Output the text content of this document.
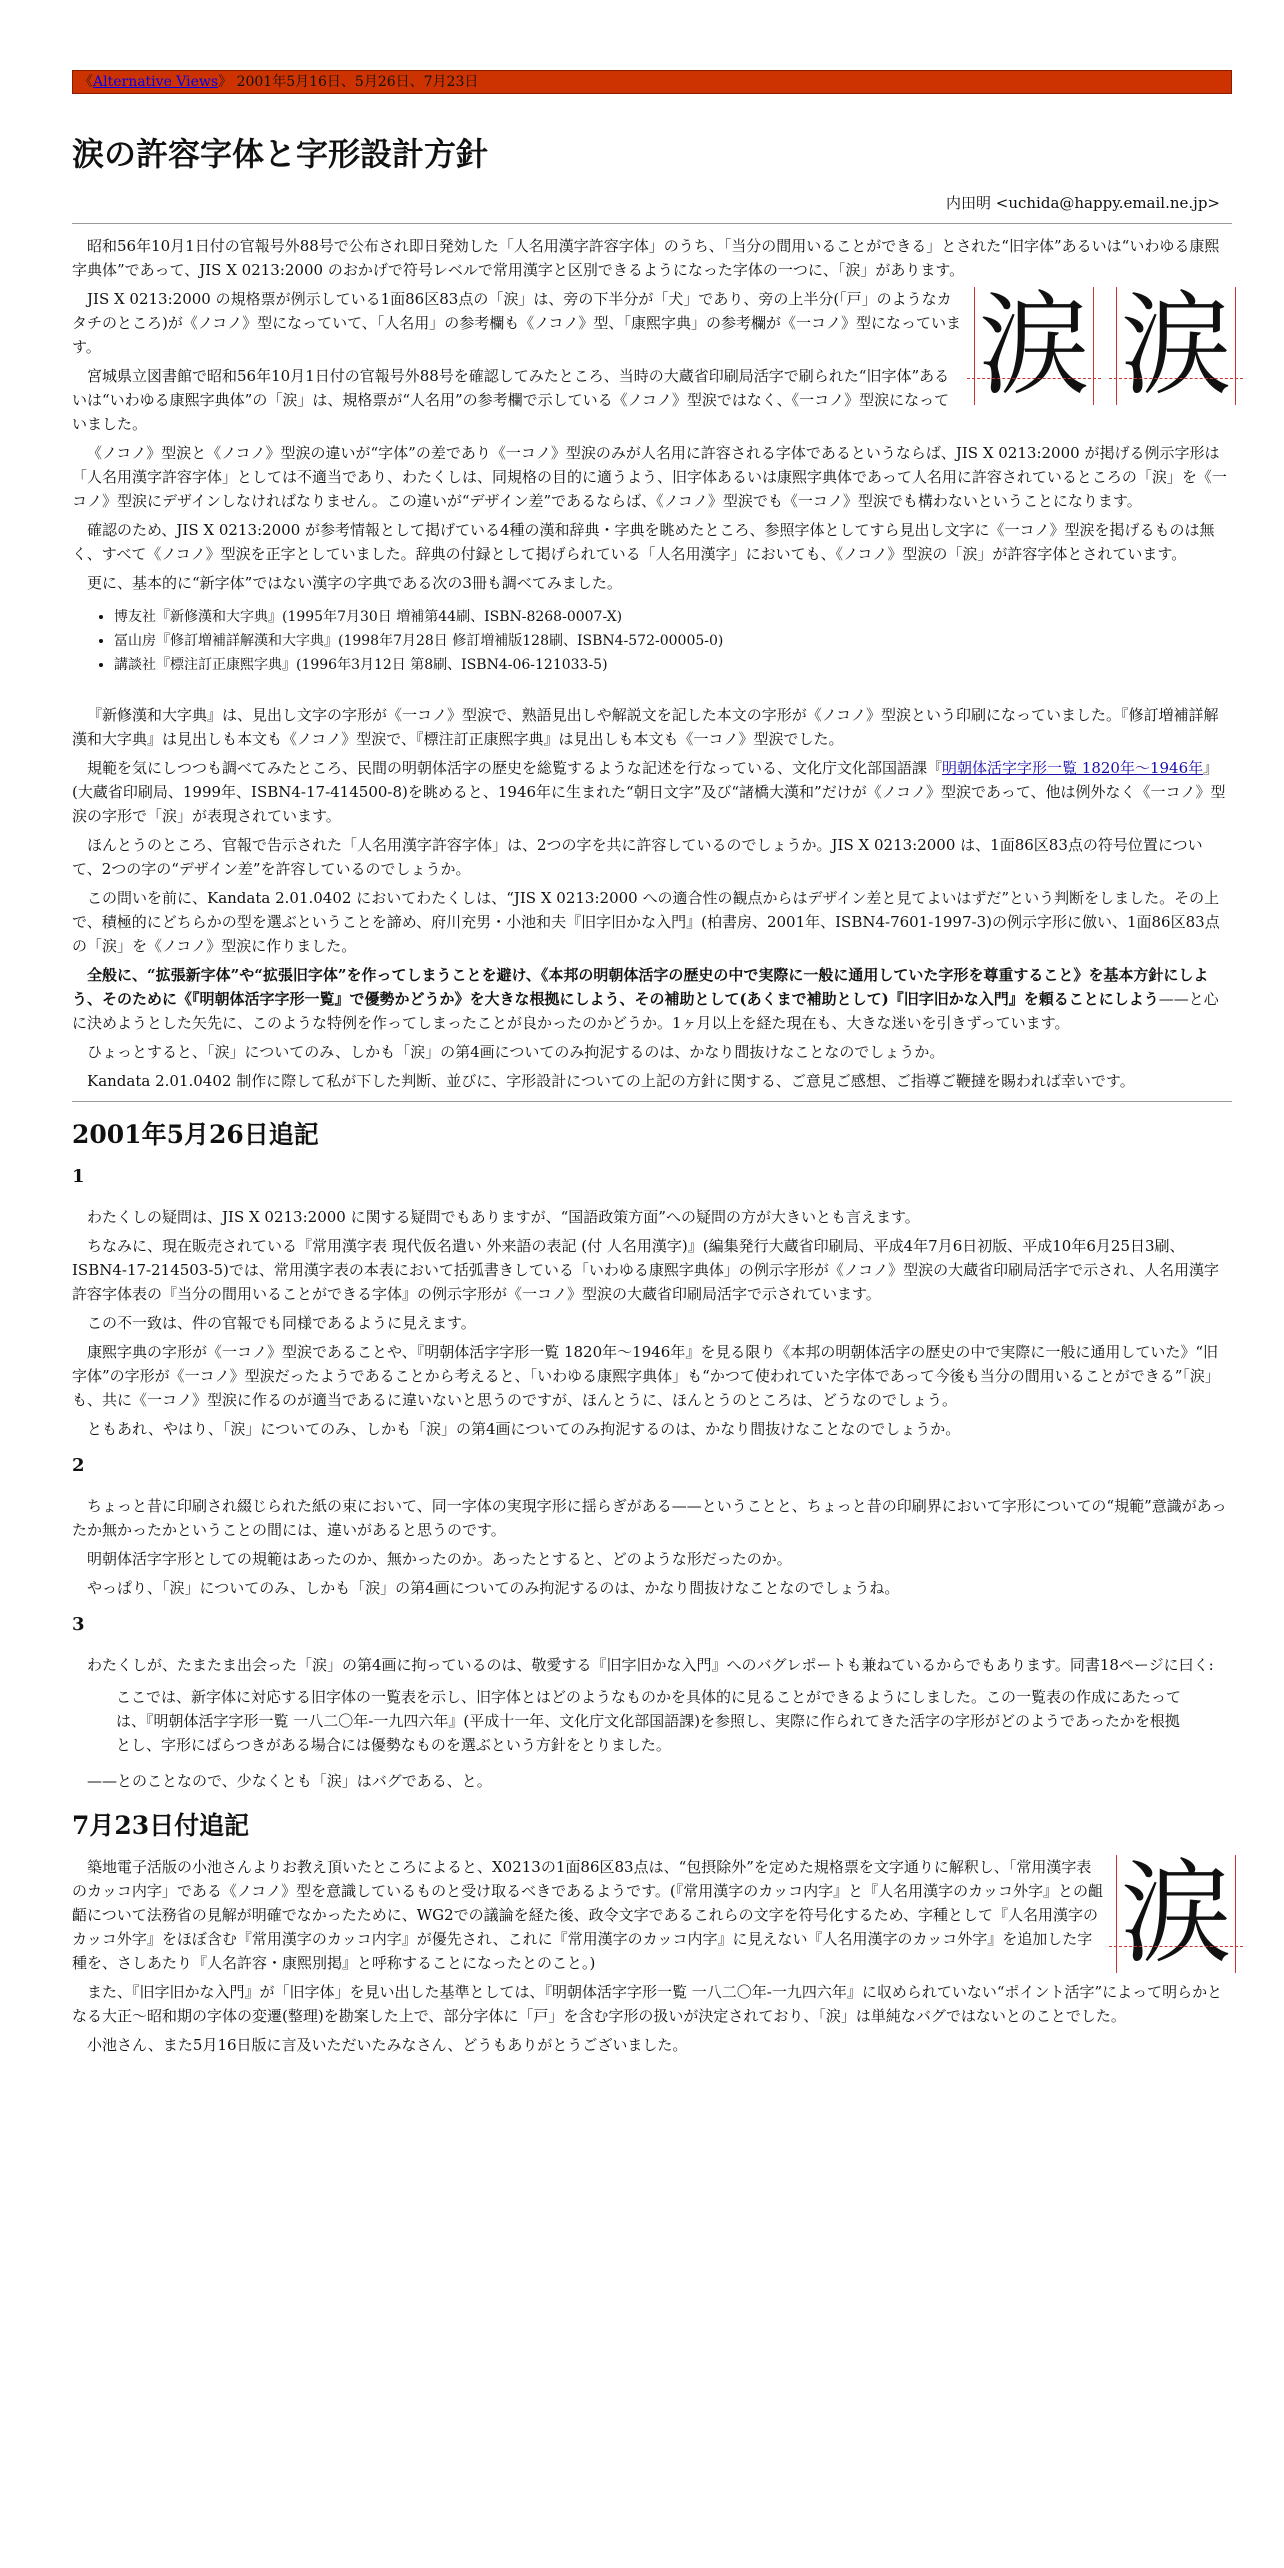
《Alternative Views》 2001年5月16日、5月26日、7月23日
涙の許容字体と字形設計方針
内田明 <uchida@happy.email.ne.jp>

昭和56年10月1日付の官報号外88号で公布され即日発効した「人名用漢字許容字体」のうち、「当分の間用いることができる」とされた“旧字体”あるいは“いわゆる康熙字典体”であって、JIS X 0213:2000 のおかげで符号レベルで常用漢字と区別できるようになった字体の一つに、「涙」があります。

涙 涙

JIS X 0213:2000 の規格票が例示している1面86区83点の「涙」は、旁の下半分が「犬」であり、旁の上半分(「戸」のようなカタチのところ)が《ノコノ》型になっていて、「人名用」の参考欄も《ノコノ》型、「康熙字典」の参考欄が《一コノ》型になっています。

宮城県立図書館で昭和56年10月1日付の官報号外88号を確認してみたところ、当時の大蔵省印刷局活字で刷られた“旧字体”あるいは“いわゆる康熙字典体”の「涙」は、規格票が“人名用”の参考欄で示している《ノコノ》型涙ではなく、《一コノ》型涙になっていました。

《ノコノ》型涙と《ノコノ》型涙の違いが“字体”の差であり《一コノ》型涙のみが人名用に許容される字体であるというならば、JIS X 0213:2000 が掲げる例示字形は「人名用漢字許容字体」としては不適当であり、わたくしは、同規格の目的に適うよう、旧字体あるいは康熙字典体であって人名用に許容されているところの「涙」を《一コノ》型涙にデザインしなければなりません。この違いが“デザイン差”であるならば、《ノコノ》型涙でも《一コノ》型涙でも構わないということになります。

確認のため、JIS X 0213:2000 が参考情報として掲げている4種の漢和辞典・字典を眺めたところ、参照字体としてすら見出し文字に《一コノ》型涙を掲げるものは無く、すべて《ノコノ》型涙を正字としていました。辞典の付録として掲げられている「人名用漢字」においても、《ノコノ》型涙の「涙」が許容字体とされています。

更に、基本的に“新字体”ではない漢字の字典である次の3冊も調べてみました。

• 博友社『新修漢和大字典』(1995年7月30日 増補第44刷、ISBN-8268-0007-X)
• 冨山房『修訂増補詳解漢和大字典』(1998年7月28日 修訂増補版128刷、ISBN4-572-00005-0)
• 講談社『標注訂正康熙字典』(1996年3月12日 第8刷、ISBN4-06-121033-5)

『新修漢和大字典』は、見出し文字の字形が《一コノ》型涙で、熟語見出しや解説文を記した本文の字形が《ノコノ》型涙という印刷になっていました。『修訂増補詳解漢和大字典』は見出しも本文も《ノコノ》型涙で、『標注訂正康熙字典』は見出しも本文も《一コノ》型涙でした。

規範を気にしつつも調べてみたところ、民間の明朝体活字の歴史を総覧するような記述を行なっている、文化庁文化部国語課『明朝体活字字形一覧 1820年～1946年』(大蔵省印刷局、1999年、ISBN4-17-414500-8)を眺めると、1946年に生まれた“朝日文字”及び“諸橋大漢和”だけが《ノコノ》型涙であって、他は例外なく《一コノ》型涙の字形で「涙」が表現されています。

ほんとうのところ、官報で告示された「人名用漢字許容字体」は、2つの字を共に許容しているのでしょうか。JIS X 0213:2000 は、1面86区83点の符号位置について、2つの字の“デザイン差”を許容しているのでしょうか。

この問いを前に、Kandata 2.01.0402 においてわたくしは、“JIS X 0213:2000 への適合性の観点からはデザイン差と見てよいはずだ”という判断をしました。その上で、積極的にどちらかの型を選ぶということを諦め、府川充男・小池和夫『旧字旧かな入門』(柏書房、2001年、ISBN4-7601-1997-3)の例示字形に倣い、1面86区83点の「涙」を《ノコノ》型涙に作りました。

全般に、“拡張新字体”や“拡張旧字体”を作ってしまうことを避け、《本邦の明朝体活字の歴史の中で実際に一般に通用していた字形を尊重すること》を基本方針にしよう、そのために《『明朝体活字字形一覧』で優勢かどうか》を大きな根拠にしよう、その補助として(あくまで補助として)『旧字旧かな入門』を頼ることにしよう——と心に決めようとした矢先に、このような特例を作ってしまったことが良かったのかどうか。1ヶ月以上を経た現在も、大きな迷いを引きずっています。

ひょっとすると、「涙」についてのみ、しかも「涙」の第4画についてのみ拘泥するのは、かなり間抜けなことなのでしょうか。

Kandata 2.01.0402 制作に際して私が下した判断、並びに、字形設計についての上記の方針に関する、ご意見ご感想、ご指導ご鞭撻を賜われば幸いです。

2001年5月26日追記
1

わたくしの疑問は、JIS X 0213:2000 に関する疑問でもありますが、“国語政策方面”への疑問の方が大きいとも言えます。

ちなみに、現在販売されている『常用漢字表 現代仮名遣い 外来語の表記 (付 人名用漢字)』(編集発行大蔵省印刷局、平成4年7月6日初版、平成10年6月25日3刷、ISBN4-17-214503-5)では、常用漢字表の本表において括弧書きしている「いわゆる康熙字典体」の例示字形が《ノコノ》型涙の大蔵省印刷局活字で示され、人名用漢字許容字体表の『当分の間用いることができる字体』の例示字形が《一コノ》型涙の大蔵省印刷局活字で示されています。

この不一致は、件の官報でも同様であるように見えます。

康熙字典の字形が《一コノ》型涙であることや、『明朝体活字字形一覧 1820年～1946年』を見る限り《本邦の明朝体活字の歴史の中で実際に一般に通用していた》“旧字体”の字形が《一コノ》型涙だったようであることから考えると、「いわゆる康熙字典体」も“かつて使われていた字体であって今後も当分の間用いることができる”「涙」も、共に《一コノ》型涙に作るのが適当であるに違いないと思うのですが、ほんとうに、ほんとうのところは、どうなのでしょう。

ともあれ、やはり、「涙」についてのみ、しかも「涙」の第4画についてのみ拘泥するのは、かなり間抜けなことなのでしょうか。

2

ちょっと昔に印刷され綴じられた紙の束において、同一字体の実現字形に揺らぎがある——ということと、ちょっと昔の印刷界において字形についての“規範”意識があったか無かったかということの間には、違いがあると思うのです。

明朝体活字字形としての規範はあったのか、無かったのか。あったとすると、どのような形だったのか。

やっぱり、「涙」についてのみ、しかも「涙」の第4画についてのみ拘泥するのは、かなり間抜けなことなのでしょうね。

3

わたくしが、たまたま出会った「涙」の第4画に拘っているのは、敬愛する『旧字旧かな入門』へのバグレポートも兼ねているからでもあります。同書18ページに曰く:

ここでは、新字体に対応する旧字体の一覧表を示し、旧字体とはどのようなものかを具体的に見ることができるようにしました。この一覧表の作成にあたっては、『明朝体活字字形一覧 一八二〇年-一九四六年』(平成十一年、文化庁文化部国語課)を参照し、実際に作られてきた活字の字形がどのようであったかを根拠とし、字形にばらつきがある場合には優勢なものを選ぶという方針をとりました。

——とのことなので、少なくとも「涙」はバグである、と。

7月23日付追記
涙

築地電子活版の小池さんよりお教え頂いたところによると、X0213の1面86区83点は、“包摂除外”を定めた規格票を文字通りに解釈し、「常用漢字表のカッコ内字」である《ノコノ》型を意識しているものと受け取るべきであるようです。(『常用漢字のカッコ内字』と『人名用漢字のカッコ外字』との齟齬について法務省の見解が明確でなかったために、WG2での議論を経た後、政令文字であるこれらの文字を符号化するため、字種として『人名用漢字のカッコ外字』をほぼ含む『常用漢字のカッコ内字』が優先され、これに『常用漢字のカッコ内字』に見えない『人名用漢字のカッコ外字』を追加した字種を、さしあたり『人名許容・康熙別掲』と呼称することになったとのこと。)

また、『旧字旧かな入門』が「旧字体」を見い出した基準としては、『明朝体活字字形一覧 一八二〇年-一九四六年』に収められていない“ポイント活字”によって明らかとなる大正～昭和期の字体の変遷(整理)を勘案した上で、部分字体に「戸」を含む字形の扱いが決定されており、「涙」は単純なバグではないとのことでした。

小池さん、また5月16日版に言及いただいたみなさん、どうもありがとうございました。
